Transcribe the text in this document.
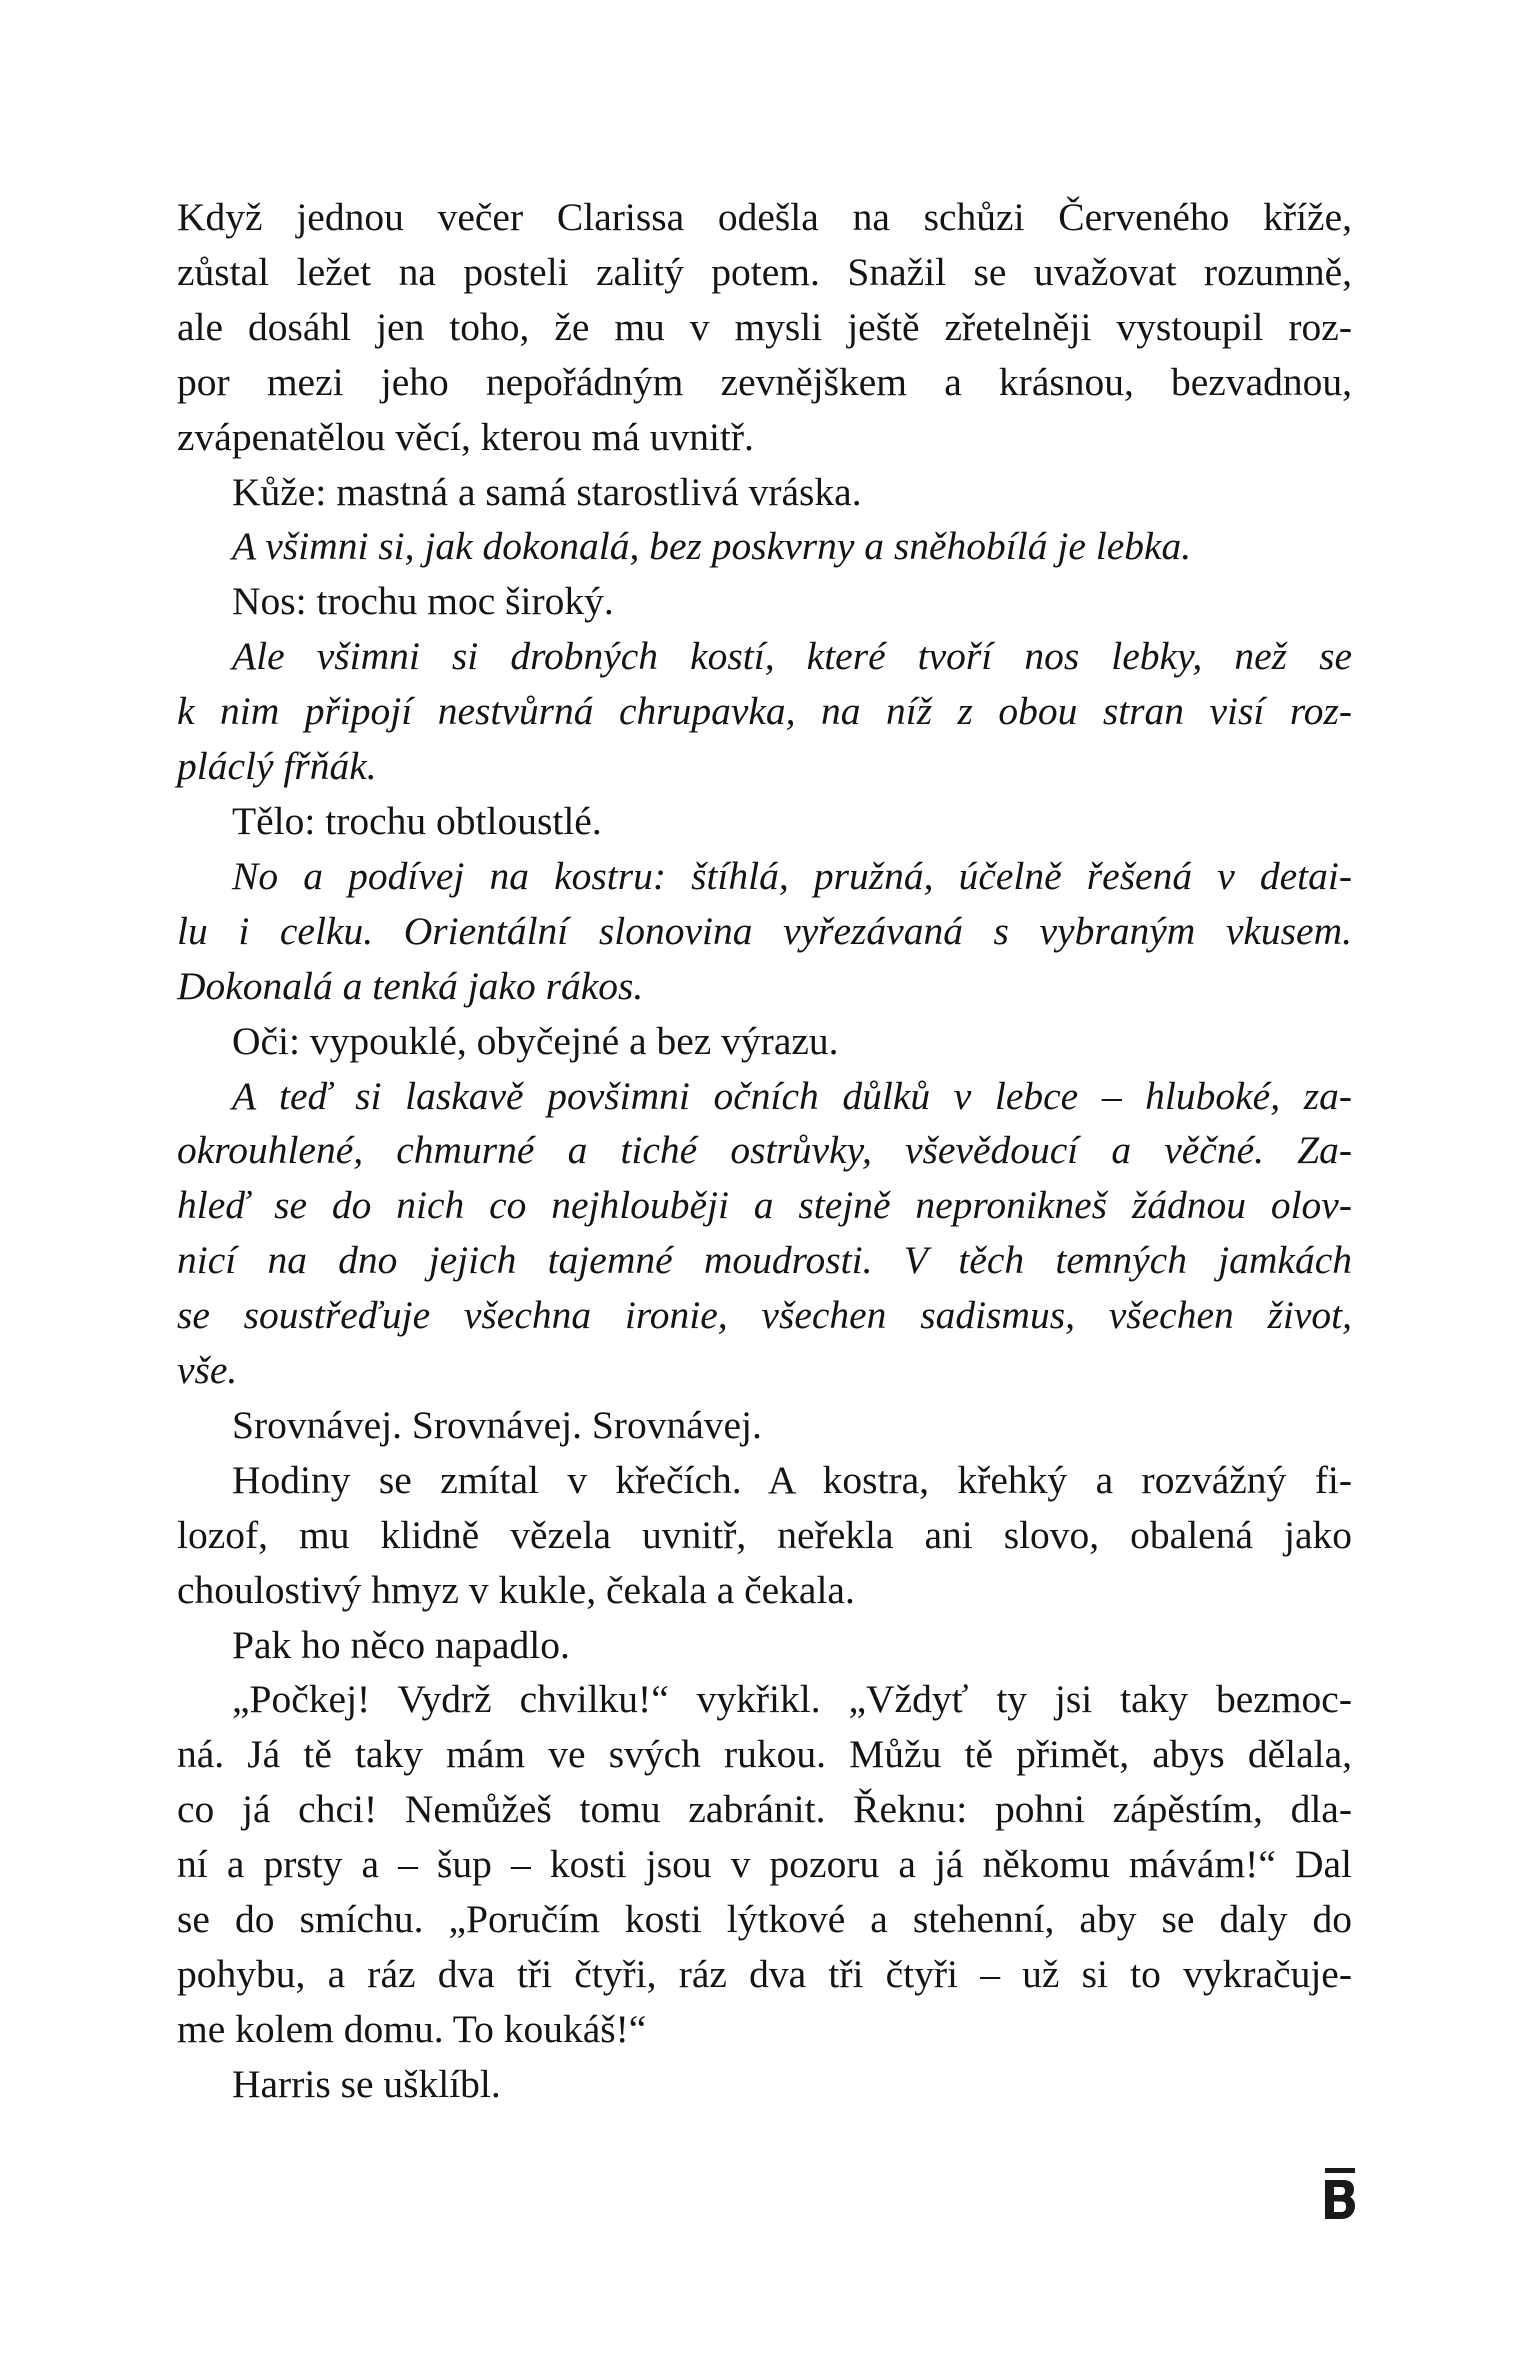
Když jednou večer Clarissa odešla na schůzi Červeného kříže,

zůstal ležet na posteli zalitý potem. Snažil se uvažovat rozumně,

ale dosáhl jen toho, že mu v mysli ještě zřetelněji vystoupil roz-

por mezi jeho nepořádným zevnějškem a krásnou, bezvadnou,

zvápenatělou věcí, kterou má uvnitř.

Kůže: mastná a samá starostlivá vráska.

A všimni si, jak dokonalá, bez poskvrny a sněhobílá je lebka.

Nos: trochu moc široký.

Ale všimni si drobných kostí, které tvoří nos lebky, než se

k nim připojí nestvůrná chrupavka, na níž z obou stran visí roz-

pláclý fřňák.

Tělo: trochu obtloustlé.

No a podívej na kostru: štíhlá, pružná, účelně řešená v detai-

lu i celku. Orientální slonovina vyřezávaná s vybraným vkusem.

Dokonalá a tenká jako rákos.

Oči: vypouklé, obyčejné a bez výrazu.

A teď si laskavě povšimni očních důlků v lebce – hluboké, za-

okrouhlené, chmurné a tiché ostrůvky, vševědoucí a věčné. Za-

hleď se do nich co nejhlouběji a stejně nepronikneš žádnou olov-

nicí na dno jejich tajemné moudrosti. V těch temných jamkách

se soustřeďuje všechna ironie, všechen sadismus, všechen život,

vše.

Srovnávej. Srovnávej. Srovnávej.

Hodiny se zmítal v křečích. A kostra, křehký a rozvážný fi-

lozof, mu klidně vězela uvnitř, neřekla ani slovo, obalená jako

choulostivý hmyz v kukle, čekala a čekala.

Pak ho něco napadlo.

„Počkej! Vydrž chvilku!“ vykřikl. „Vždyť ty jsi taky bezmoc-

ná. Já tě taky mám ve svých rukou. Můžu tě přimět, abys dělala,

co já chci! Nemůžeš tomu zabránit. Řeknu: pohni zápěstím, dla-

ní a prsty a – šup – kosti jsou v pozoru a já někomu mávám!“ Dal

se do smíchu. „Poručím kosti lýtkové a stehenní, aby se daly do

pohybu, a ráz dva tři čtyři, ráz dva tři čtyři – už si to vykračuje-

me kolem domu. To koukáš!“

Harris se ušklíbl.
